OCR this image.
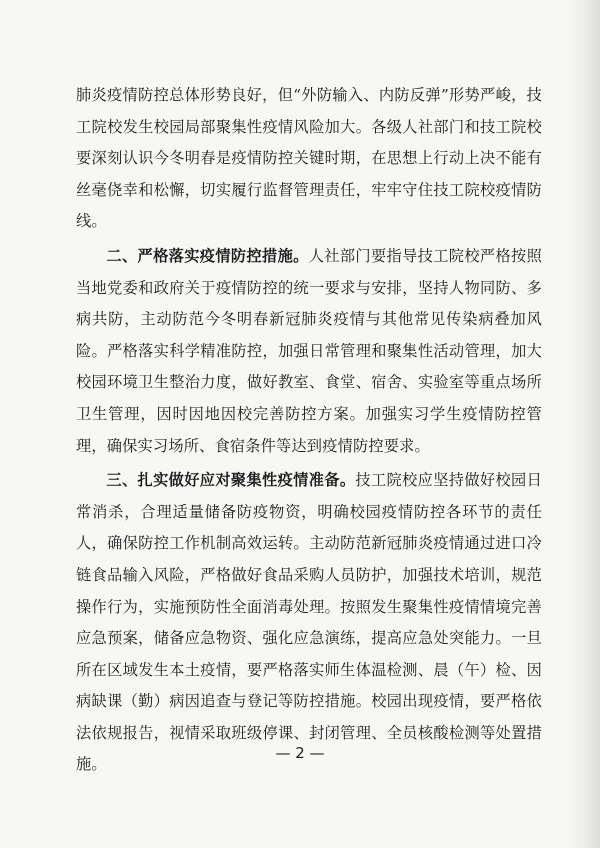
肺炎疫情防控总体形势良好，但“外防输入、内防反弹”形势严峻，技工院校发生校园局部聚集性疫情风险加大。各级人社部门和技工院校要深刻认识今冬明春是疫情防控关键时期，在思想上行动上决不能有丝毫侥幸和松懈，切实履行监督管理责任，牢牢守住技工院校疫情防线。

二、严格落实疫情防控措施。人社部门要指导技工院校严格按照当地党委和政府关于疫情防控的统一要求与安排，坚持人物同防、多病共防，主动防范今冬明春新冠肺炎疫情与其他常见传染病叠加风险。严格落实科学精准防控，加强日常管理和聚集性活动管理，加大校园环境卫生整治力度，做好教室、食堂、宿舍、实验室等重点场所卫生管理，因时因地因校完善防控方案。加强实习学生疫情防控管理，确保实习场所、食宿条件等达到疫情防控要求。

三、扎实做好应对聚集性疫情准备。技工院校应坚持做好校园日常消杀，合理适量储备防疫物资，明确校园疫情防控各环节的责任人，确保防控工作机制高效运转。主动防范新冠肺炎疫情通过进口冷链食品输入风险，严格做好食品采购人员防护，加强技术培训，规范操作行为，实施预防性全面消毒处理。按照发生聚集性疫情情境完善应急预案，储备应急物资、强化应急演练，提高应急处突能力。一旦所在区域发生本土疫情，要严格落实师生体温检测、晨（午）检、因病缺课（勤）病因追查与登记等防控措施。校园出现疫情，要严格依法依规报告，视情采取班级停课、封闭管理、全员核酸检测等处置措施。

— 2 —
